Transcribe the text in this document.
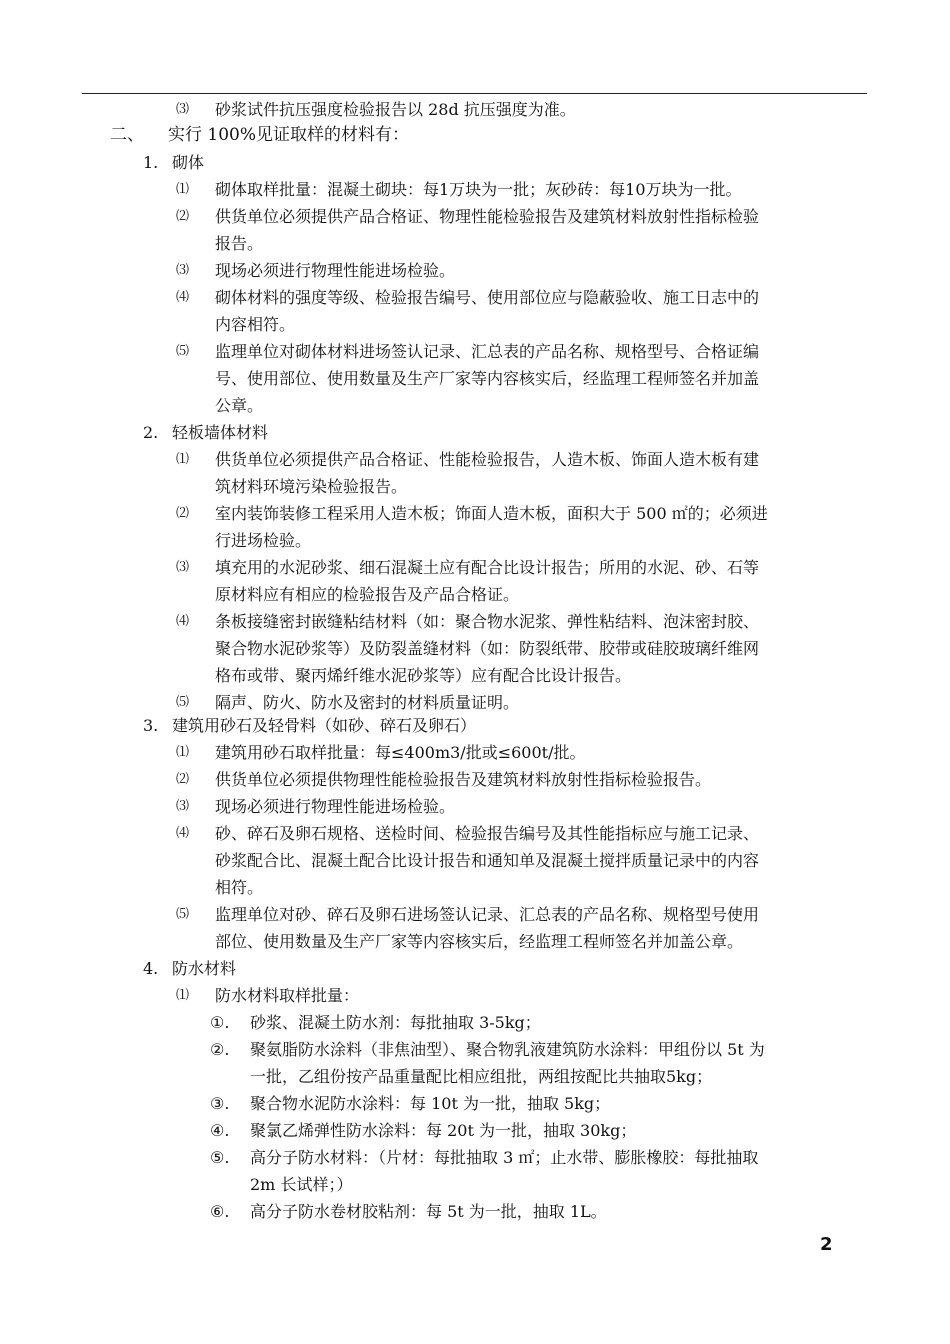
⑶ 砂浆试件抗压强度检验报告以 28d 抗压强度为准。
二、 实行 100%见证取样的材料有：
1. 砌体
⑴ 砌体取样批量：混凝土砌块：每1万块为一批；灰砂砖：每10万块为一批。
⑵ 供货单位必须提供产品合格证、物理性能检验报告及建筑材料放射性指标检验
报告。
⑶ 现场必须进行物理性能进场检验。
⑷ 砌体材料的强度等级、检验报告编号、使用部位应与隐蔽验收、施工日志中的
内容相符。
⑸ 监理单位对砌体材料进场签认记录、汇总表的产品名称、规格型号、合格证编
号、使用部位、使用数量及生产厂家等内容核实后，经监理工程师签名并加盖
公章。
2. 轻板墙体材料
⑴ 供货单位必须提供产品合格证、性能检验报告，人造木板、饰面人造木板有建
筑材料环境污染检验报告。
⑵ 室内装饰装修工程采用人造木板；饰面人造木板，面积大于 500 ㎡的；必须进
行进场检验。
⑶ 填充用的水泥砂浆、细石混凝土应有配合比设计报告；所用的水泥、砂、石等
原材料应有相应的检验报告及产品合格证。
⑷ 条板接缝密封嵌缝粘结材料（如：聚合物水泥浆、弹性粘结料、泡沫密封胶、
聚合物水泥砂浆等）及防裂盖缝材料（如：防裂纸带、胶带或硅胶玻璃纤维网
格布或带、聚丙烯纤维水泥砂浆等）应有配合比设计报告。
⑸ 隔声、防火、防水及密封的材料质量证明。
3. 建筑用砂石及轻骨料（如砂、碎石及卵石）
⑴ 建筑用砂石取样批量：每≤400m3/批或≤600t/批。
⑵ 供货单位必须提供物理性能检验报告及建筑材料放射性指标检验报告。
⑶ 现场必须进行物理性能进场检验。
⑷ 砂、碎石及卵石规格、送检时间、检验报告编号及其性能指标应与施工记录、
砂浆配合比、混凝土配合比设计报告和通知单及混凝土搅拌质量记录中的内容
相符。
⑸ 监理单位对砂、碎石及卵石进场签认记录、汇总表的产品名称、规格型号使用
部位、使用数量及生产厂家等内容核实后，经监理工程师签名并加盖公章。
4. 防水材料
⑴ 防水材料取样批量：
①. 砂浆、混凝土防水剂：每批抽取 3-5kg；
②. 聚氨脂防水涂料（非焦油型）、聚合物乳液建筑防水涂料：甲组份以 5t 为
一批，乙组份按产品重量配比相应组批，两组按配比共抽取5kg；
③. 聚合物水泥防水涂料：每 10t 为一批，抽取 5kg；
④. 聚氯乙烯弹性防水涂料：每 20t 为一批，抽取 30kg；
⑤. 高分子防水材料：（片材：每批抽取 3 ㎡；止水带、膨胀橡胶：每批抽取
2m 长试样；）
⑥. 高分子防水卷材胶粘剂：每 5t 为一批，抽取 1L。
2
